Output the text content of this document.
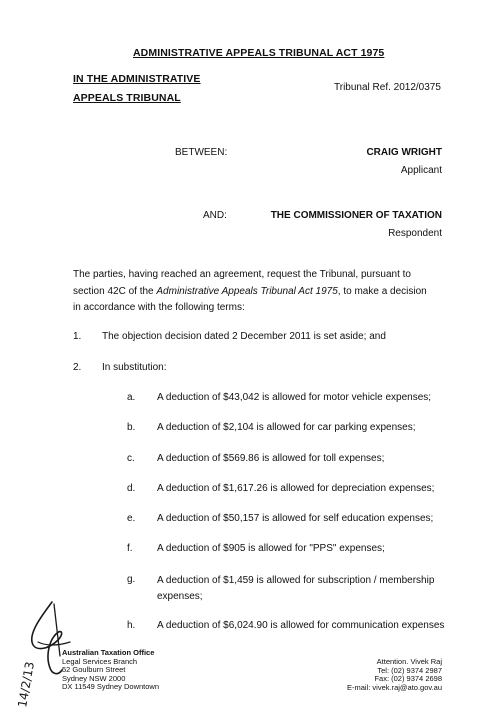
ADMINISTRATIVE APPEALS TRIBUNAL ACT 1975
IN THE ADMINISTRATIVE
APPEALS TRIBUNAL
Tribunal Ref. 2012/0375
BETWEEN:	CRAIG WRIGHT
Applicant
AND:	THE COMMISSIONER OF TAXATION
Respondent
The parties, having reached an agreement, request the Tribunal, pursuant to section 42C of the Administrative Appeals Tribunal Act 1975, to make a decision in accordance with the following terms:
1. The objection decision dated 2 December 2011 is set aside; and
2. In substitution:
a. A deduction of $43,042 is allowed for motor vehicle expenses;
b. A deduction of $2,104 is allowed for car parking expenses;
c. A deduction of $569.86 is allowed for toll expenses;
d. A deduction of $1,617.26 is allowed for depreciation expenses;
e. A deduction of $50,157 is allowed for self education expenses;
f. A deduction of $905 is allowed for "PPS" expenses;
g. A deduction of $1,459 is allowed for subscription / membership expenses;
h. A deduction of $6,024.90 is allowed for communication expenses
Australian Taxation Office
Legal Services Branch
52 Goulburn Street
Sydney NSW 2000
DX 11549 Sydney Downtown
Attention. Vivek Raj
Tel: (02) 9374 2987
Fax: (02) 9374 2698
E-mail: vivek.raj@ato.gov.au
14/2/13
